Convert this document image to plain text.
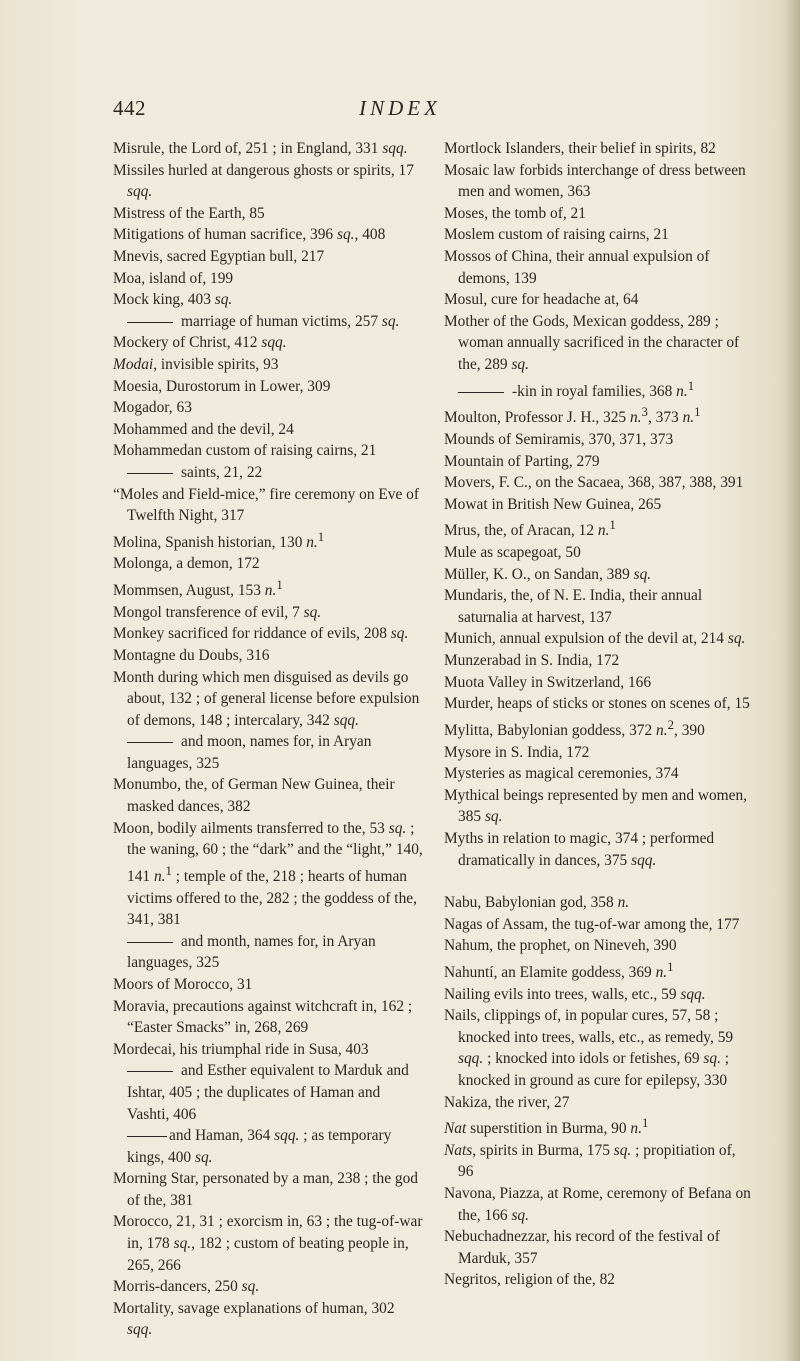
442	INDEX
Misrule, the Lord of, 251 ; in England, 331 sqq.
Missiles hurled at dangerous ghosts or spirits, 17 sqq.
Mistress of the Earth, 85
Mitigations of human sacrifice, 396 sq., 408
Mnevis, sacred Egyptian bull, 217
Moa, island of, 199
Mock king, 403 sq.
marriage of human victims, 257 sq.
Mockery of Christ, 412 sqq.
Modai, invisible spirits, 93
Moesia, Durostorum in Lower, 309
Mogador, 63
Mohammed and the devil, 24
Mohammedan custom of raising cairns, 21
saints, 21, 22
“Moles and Field-mice,” fire ceremony on Eve of Twelfth Night, 317
Molina, Spanish historian, 130 n.$^1$
Molonga, a demon, 172
Mommsen, August, 153 n.$^1$
Mongol transference of evil, 7 sq.
Monkey sacrificed for riddance of evils, 208 sq.
Montagne du Doubs, 316
Month during which men disguised as devils go about, 132 ; of general license before expulsion of demons, 148 ; intercalary, 342 sqq.
and moon, names for, in Aryan languages, 325
Monumbo, the, of German New Guinea, their masked dances, 382
Moon, bodily ailments transferred to the, 53 sq. ; the waning, 60 ; the “dark” and the “light,” 140, 141 n.$^1$ ; temple of the, 218 ; hearts of human victims offered to the, 282 ; the goddess of the, 341, 381
and month, names for, in Aryan languages, 325
Moors of Morocco, 31
Moravia, precautions against witchcraft in, 162 ; “Easter Smacks” in, 268, 269
Mordecai, his triumphal ride in Susa, 403
and Esther equivalent to Marduk and Ishtar, 405 ; the duplicates of Haman and Vashti, 406
and Haman, 364 sqq. ; as temporary kings, 400 sq.
Morning Star, personated by a man, 238 ; the god of the, 381
Morocco, 21, 31 ; exorcism in, 63 ; the tug-of-war in, 178 sq., 182 ; custom of beating people in, 265, 266
Morris-dancers, 250 sq.
Mortality, savage explanations of human, 302 sqq.
Mortlock Islanders, their belief in spirits, 82
Mosaic law forbids interchange of dress between men and women, 363
Moses, the tomb of, 21
Moslem custom of raising cairns, 21
Mossos of China, their annual expulsion of demons, 139
Mosul, cure for headache at, 64
Mother of the Gods, Mexican goddess, 289 ; woman annually sacrificed in the character of the, 289 sq.
-kin in royal families, 368 n.$^1$
Moulton, Professor J. H., 325 n.$^3$, 373 n.$^1$
Mounds of Semiramis, 370, 371, 373
Mountain of Parting, 279
Movers, F. C., on the Sacaea, 368, 387, 388, 391
Mowat in British New Guinea, 265
Mrus, the, of Aracan, 12 n.$^1$
Mule as scapegoat, 50
Müller, K. O., on Sandan, 389 sq.
Mundaris, the, of N. E. India, their annual saturnalia at harvest, 137
Munich, annual expulsion of the devil at, 214 sq.
Munzerabad in S. India, 172
Muota Valley in Switzerland, 166
Murder, heaps of sticks or stones on scenes of, 15
Mylitta, Babylonian goddess, 372 n.$^2$, 390
Mysore in S. India, 172
Mysteries as magical ceremonies, 374
Mythical beings represented by men and women, 385 sq.
Myths in relation to magic, 374 ; performed dramatically in dances, 375 sqq.
Nabu, Babylonian god, 358 n.
Nagas of Assam, the tug-of-war among the, 177
Nahum, the prophet, on Nineveh, 390
Nahuntí, an Elamite goddess, 369 n.$^1$
Nailing evils into trees, walls, etc., 59 sqq.
Nails, clippings of, in popular cures, 57, 58 ; knocked into trees, walls, etc., as remedy, 59 sqq. ; knocked into idols or fetishes, 69 sq. ; knocked in ground as cure for epilepsy, 330
Nakiza, the river, 27
Nat superstition in Burma, 90 n.$^1$
Nats, spirits in Burma, 175 sq. ; propitiation of, 96
Navona, Piazza, at Rome, ceremony of Befana on the, 166 sq.
Nebuchadnezzar, his record of the festival of Marduk, 357
Negritos, religion of the, 82
